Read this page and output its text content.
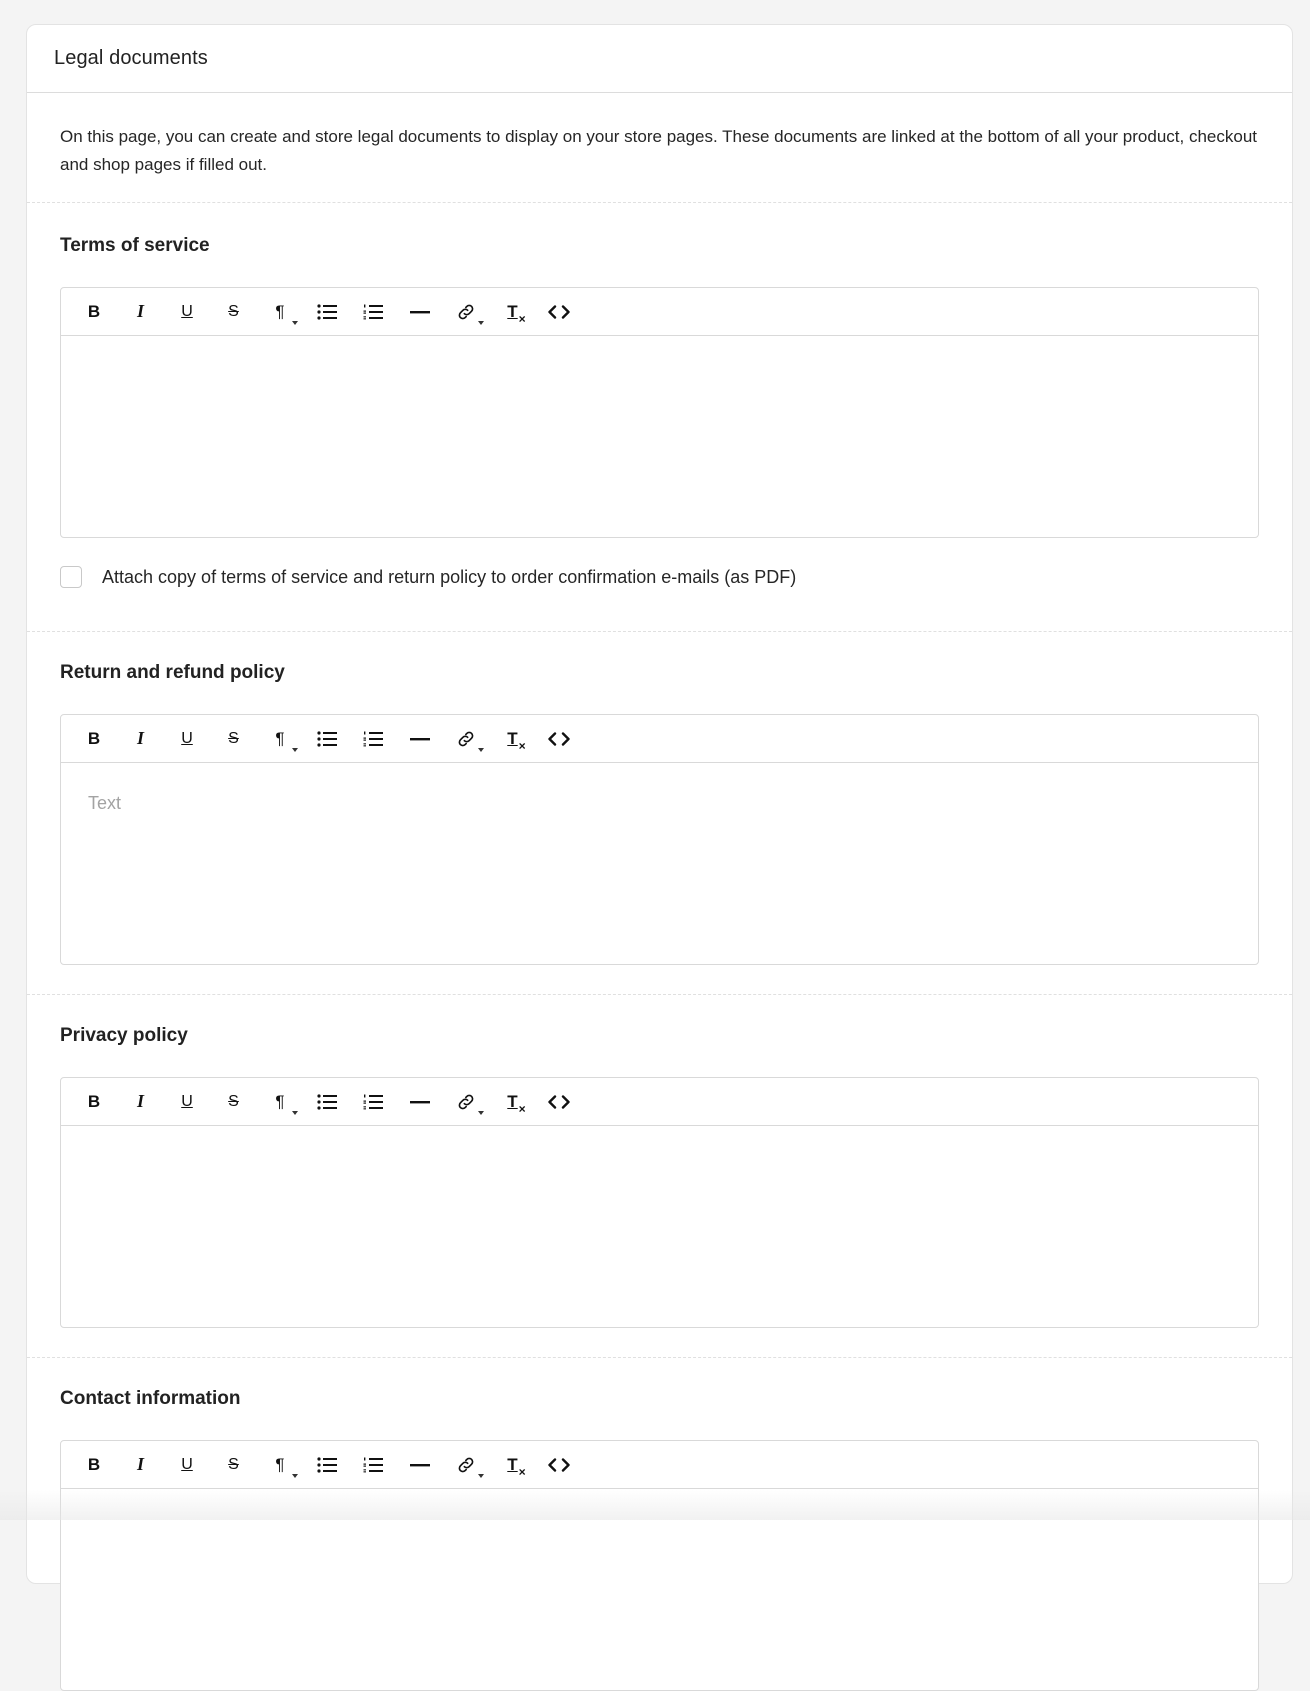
Legal documents
On this page, you can create and store legal documents to display on your store pages. These documents are linked at the bottom of all your product, checkout and shop pages if filled out.
Terms of service
B I U S ¶	T ×
Attach copy of terms of service and return policy to order confirmation e-mails (as PDF)
Return and refund policy
B I U S ¶	T ×
Text
Privacy policy
B I U S ¶	T ×
Contact information
B I U S ¶	T ×
